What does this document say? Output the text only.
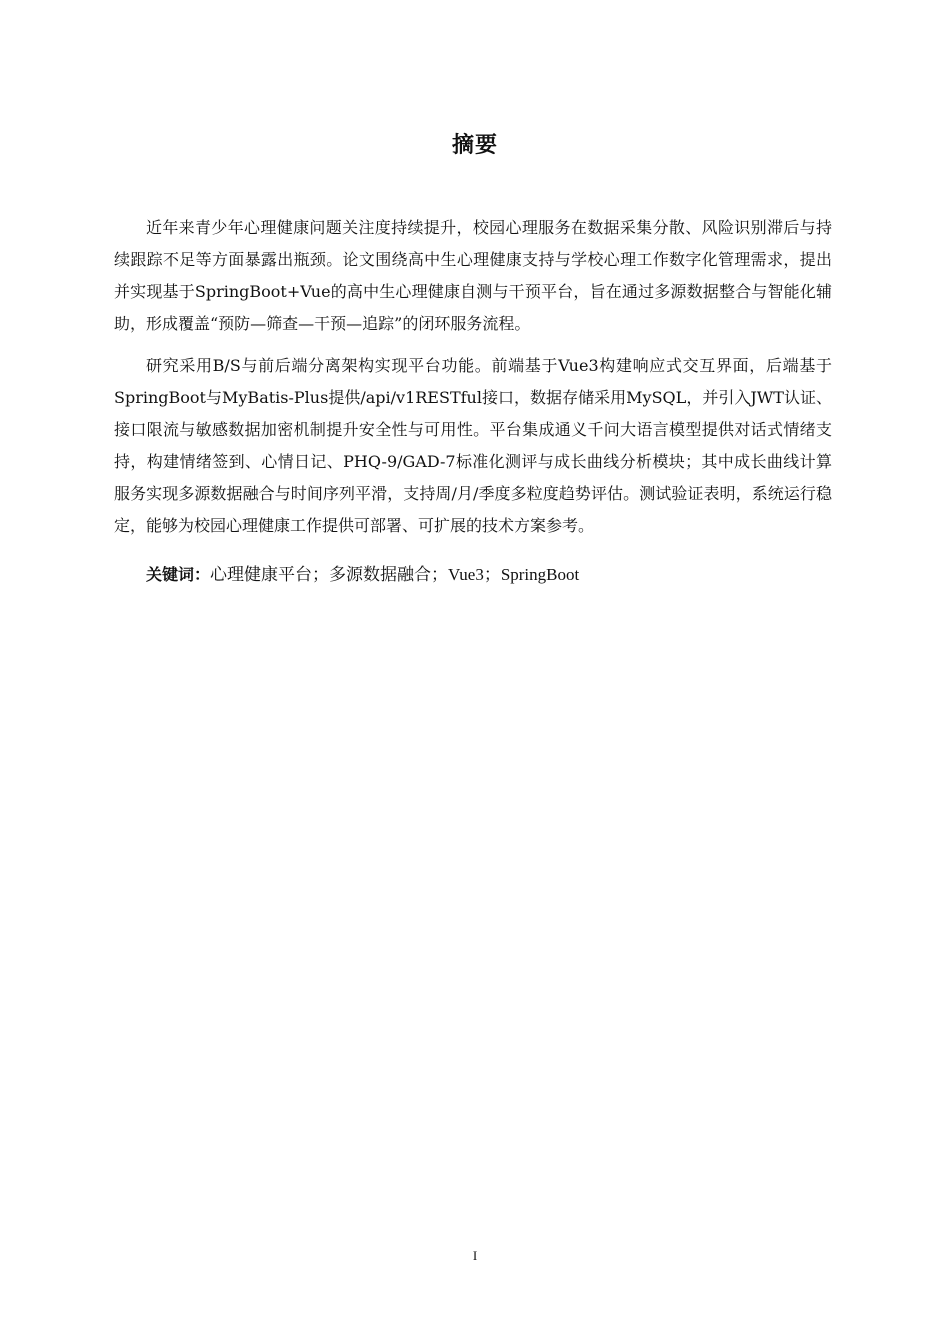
摘要

近年来青少年心理健康问题关注度持续提升，校园心理服务在数据采集分散、风险识别滞后与持续跟踪不足等方面暴露出瓶颈。论文围绕高中生心理健康支持与学校心理工作数字化管理需求，提出并实现基于SpringBoot+Vue的高中生心理健康自测与干预平台，旨在通过多源数据整合与智能化辅助，形成覆盖“预防—筛查—干预—追踪”的闭环服务流程。

研究采用B/S与前后端分离架构实现平台功能。前端基于Vue3构建响应式交互界面，后端基于SpringBoot与MyBatis-Plus提供/api/v1RESTful接口，数据存储采用MySQL，并引入JWT认证、接口限流与敏感数据加密机制提升安全性与可用性。平台集成通义千问大语言模型提供对话式情绪支持，构建情绪签到、心情日记、PHQ-9/GAD-7标准化测评与成长曲线分析模块；其中成长曲线计算服务实现多源数据融合与时间序列平滑，支持周/月/季度多粒度趋势评估。测试验证表明，系统运行稳定，能够为校园心理健康工作提供可部署、可扩展的技术方案参考。

关键词：心理健康平台；多源数据融合；Vue3；SpringBoot

I
